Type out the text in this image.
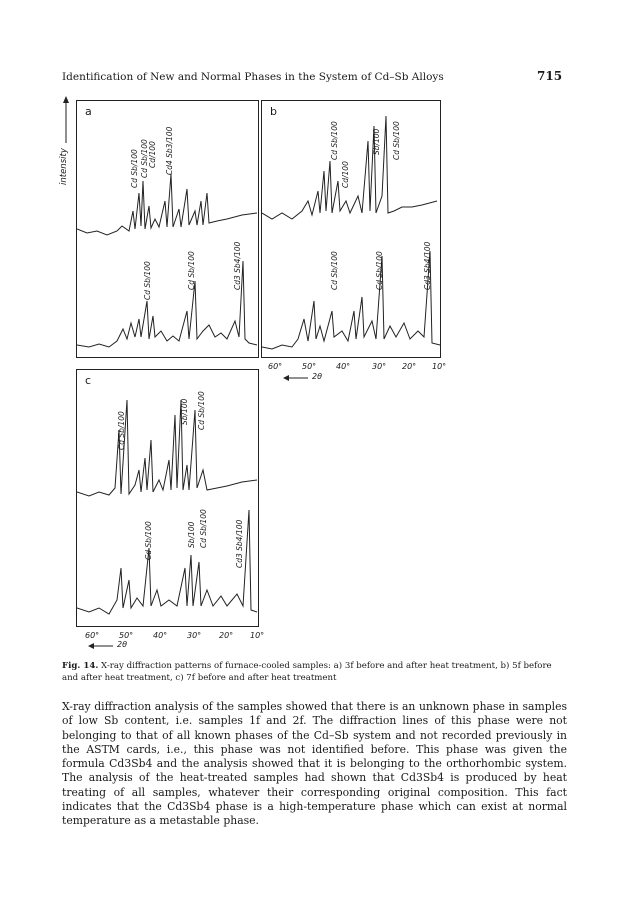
Identification of New and Normal Phases in the System of Cd–Sb Alloys	715
intensity
a
Cd Sb/100 Cd Sb/100 Cd/100 Cd4 Sb3/100
Cd Sb/100	Cd Sb/100	Cd3 Sb4/100
b
Cd/100
Cd Sb/100	Sb/100 Cd Sb/100
Cd Sb/100	Cd Sb/100	Cd3 Sb4/100
60° 50° 40°	30° 20° 10°
2θ
c
Cd Sb/100	Sb/100 Cd Sb/100
Cd Sb/100	Sb/100 Cd Sb/100	Cd3 Sb4/100
60° 50° 40° 30° 20° 10°
2θ
Fig. 14. X-ray diffraction patterns of furnace-cooled samples: a) 3f before and after heat treatment, b) 5f before and after heat treatment, c) 7f before and after heat treatment
X-ray diffraction analysis of the samples showed that there is an unknown phase in samples of low Sb content, i.e. samples 1f and 2f. The diffraction lines of this phase were not belonging to that of all known phases of the Cd–Sb system and not recorded previously in the ASTM cards, i.e., this phase was not identified before. This phase was given the formula Cd3Sb4 and the analysis showed that it is belonging to the orthorhombic system. The analysis of the heat-treated samples had shown that Cd3Sb4 is produced by heat treating of all samples, whatever their corresponding original composition. This fact indicates that the Cd3Sb4 phase is a high-temperature phase which can exist at normal temperature as a metastable phase.
